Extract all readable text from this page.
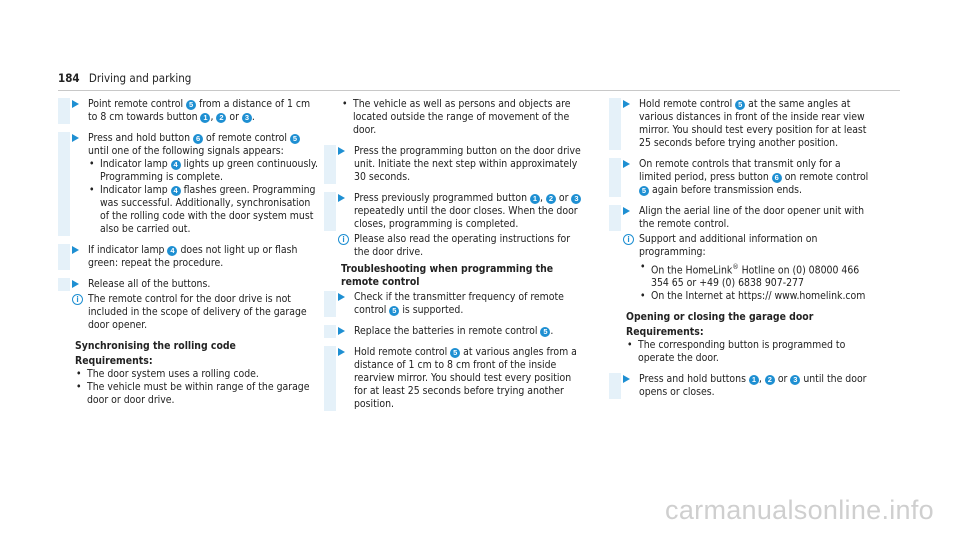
184 Driving and parking

Point remote control 5 from a distance of 1 cm to 8 cm towards button 1 , 2 or 3 .

Press and hold button 6 of remote control 5 until one of the following signals appears:

• Indicator lamp 4 lights up green continuously. Programming is complete.
• Indicator lamp 4 flashes green. Programming was successful. Additionally, synchronisation of the rolling code with the door system must also be carried out.

If indicator lamp 4 does not light up or flash green: repeat the procedure.

Release all of the buttons.

i The remote control for the door drive is not included in the scope of delivery of the garage door opener.

Synchronising the rolling code
Requirements:
• The door system uses a rolling code.
• The vehicle must be within range of the garage door or door drive.
• The vehicle as well as persons and objects are located outside the range of movement of the door.

Press the programming button on the door drive unit. Initiate the next step within approximately 30 seconds.

Press previously programmed button 1 , 2 or 3 repeatedly until the door closes. When the door closes, programming is completed.

i Please also read the operating instructions for the door drive.

Troubleshooting when programming the remote control

Check if the transmitter frequency of remote control 5 is supported.

Replace the batteries in remote control 5 .

Hold remote control 5 at various angles from a distance of 1 cm to 8 cm front of the inside rearview mirror. You should test every position for at least 25 seconds before trying another position.

Hold remote control 5 at the same angles at various distances in front of the inside rear view mirror. You should test every position for at least 25 seconds before trying another position.

On remote controls that transmit only for a limited period, press button 6 on remote control 5 again before transmission ends.

Align the aerial line of the door opener unit with the remote control.

i Support and additional information on programming:

• On the HomeLink® Hotline on (0) 08000 466 354 65 or +49 (0) 6838 907-277
• On the Internet at https:// www.homelink.com
Opening or closing the garage door
Requirements:
• The corresponding button is programmed to operate the door.

Press and hold buttons 1 , 2 or 3 until the door opens or closes.

carmanualsonline.info
